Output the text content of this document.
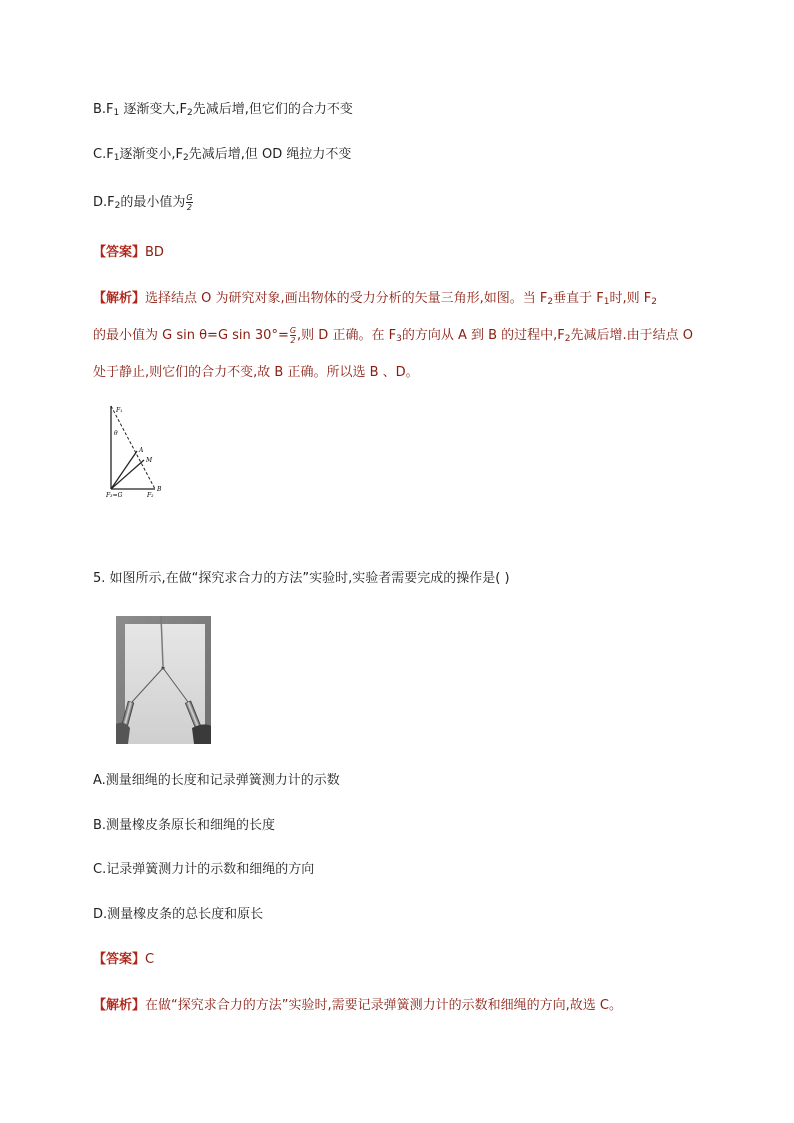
$B.F_1$ 逐渐变大$,F_2$先减后增,但它们的合力不变
$C.F_1$逐渐变小$,F_2$先减后增,但 OD 绳拉力不变
$D.F_2$的最小值为 $\frac{G}{2}$
【答案】BD
【解析】选择结点 O 为研究对象,画出物体的受力分析的矢量三角形,如图。当 $F_2$垂直于 $F_1$时,则 $F_2$
的最小值为 G sin θ=G $\sin 30^\circ= \frac{G}{2}$ ,则 D 正确。在 $F_3$的方向从 A 到 B 的过程中$,F_2$先减后增.由于结点 O
处于静止,则它们的合力不变,故 B 正确。所以选 B 、D。
F₁
θ
A
M
F₃=G	F₂
B
5. 如图所示,在做“探究求合力的方法”实验时,实验者需要完成的操作是( )
A.测量细绳的长度和记录弹簧测力计的示数
B.测量橡皮条原长和细绳的长度
C.记录弹簧测力计的示数和细绳的方向
D.测量橡皮条的总长度和原长
【答案】C
【解析】在做“探究求合力的方法”实验时,需要记录弹簧测力计的示数和细绳的方向,故选 C。
